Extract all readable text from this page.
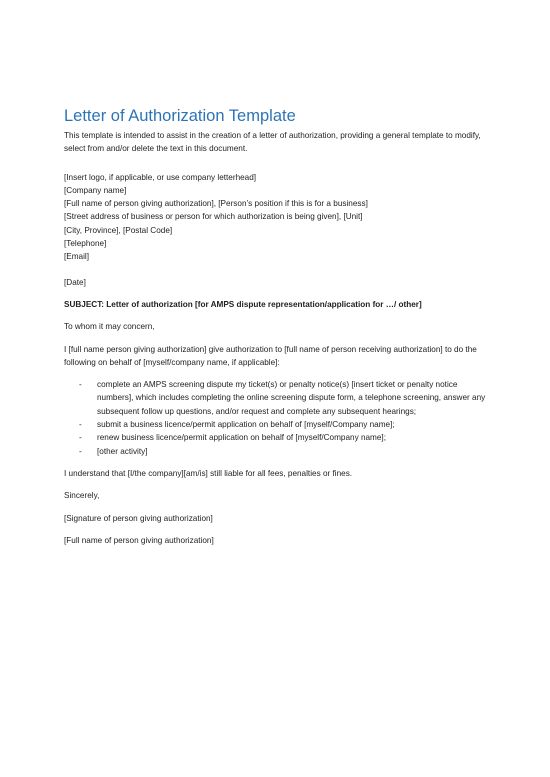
Letter of Authorization Template

This template is intended to assist in the creation of a letter of authorization, providing a general template to modify, select from and/or delete the text in this document.

[Insert logo, if applicable, or use company letterhead]

[Company name]

[Full name of person giving authorization], [Person’s position if this is for a business]

[Street address of business or person for which authorization is being given], [Unit]

[City, Province], [Postal Code]

[Telephone]

[Email]

[Date]

SUBJECT: Letter of authorization [for AMPS dispute representation/application for …/ other]

To whom it may concern,

I [full name person giving authorization] give authorization to [full name of person receiving authorization] to do the following on behalf of [myself/company name, if applicable]:

- complete an AMPS screening dispute my ticket(s) or penalty notice(s) [insert ticket or penalty notice numbers], which includes completing the online screening dispute form, a telephone screening, answer any subsequent follow up questions, and/or request and complete any subsequent hearings;
- submit a business licence/permit application on behalf of [myself/Company name];
- renew business licence/permit application on behalf of [myself/Company name];
- [other activity]

I understand that [I/the company][am/is] still liable for all fees, penalties or fines.

Sincerely,

[Signature of person giving authorization]

[Full name of person giving authorization]
